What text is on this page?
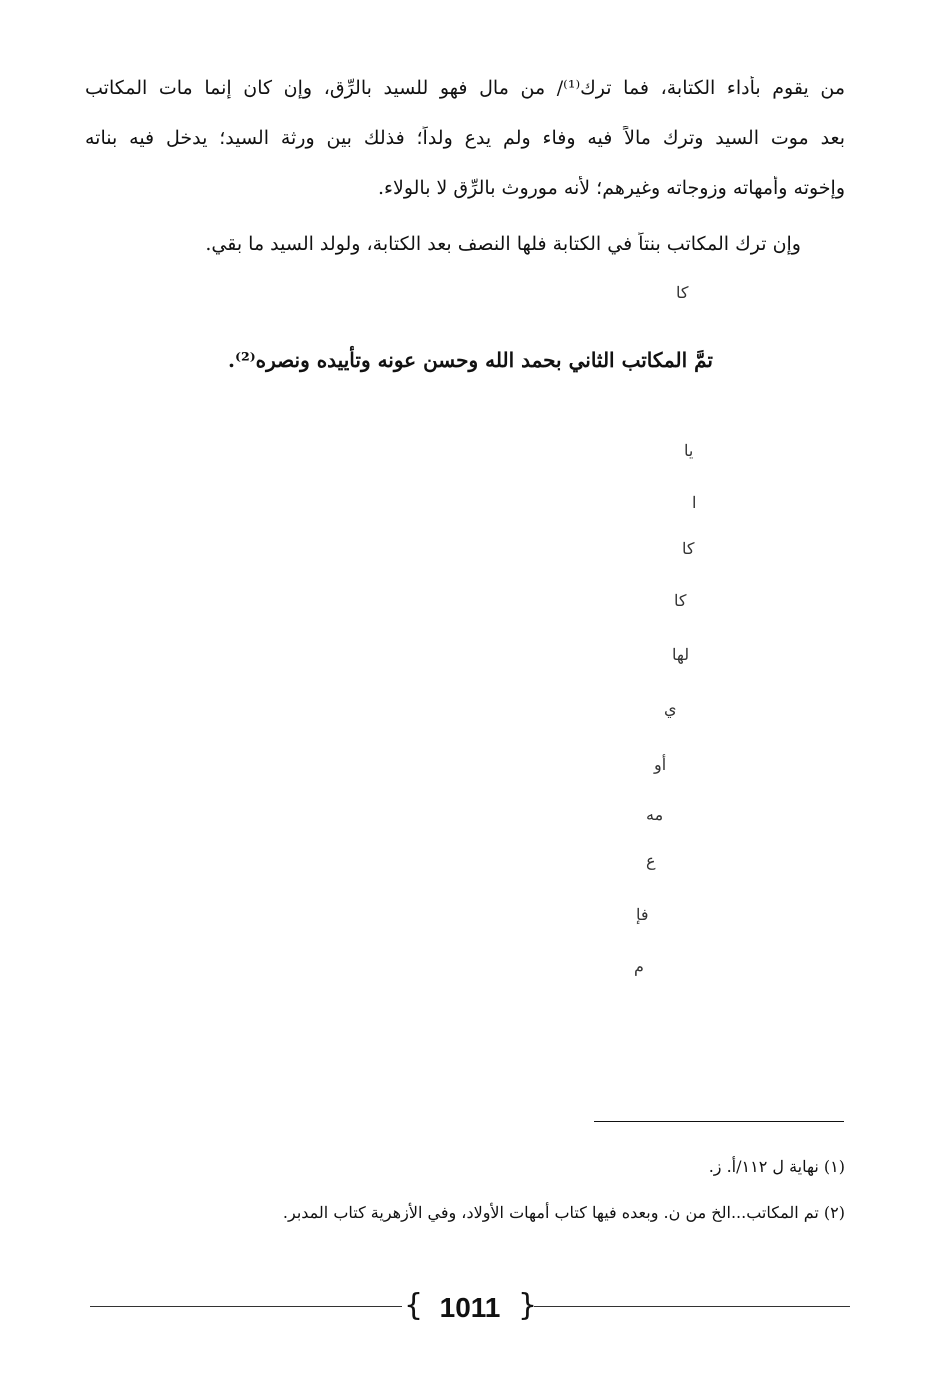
من يقوم بأداء الكتابة، فما ترك⁽¹⁾/ من مال فهو للسيد بالرِّق، وإن كان إنما مات المكاتب

بعد موت السيد وترك مالاً فيه وفاء ولم يدع ولداً؛ فذلك بين ورثة السيد؛ يدخل فيه بناته

وإخوته وأمهاته وزوجاته وغيرهم؛ لأنه موروث بالرِّق لا بالولاء.

وإن ترك المكاتب بنتاً في الكتابة فلها النصف بعد الكتابة، ولولد السيد ما بقي.

كا

تمَّ المكاتب الثاني بحمد الله وحسن عونه وتأييده ونصره⁽²⁾.

يا
ا
كا
كا
لها
ي
أو
مه
ع
فإ
م

(١) نهاية ل ١١٢/أ. ز.

(٢) تم المكاتب...الخ من ن. وبعده فيها كتاب أمهات الأولاد، وفي الأزهرية كتاب المدبر.

{ 1011 }
